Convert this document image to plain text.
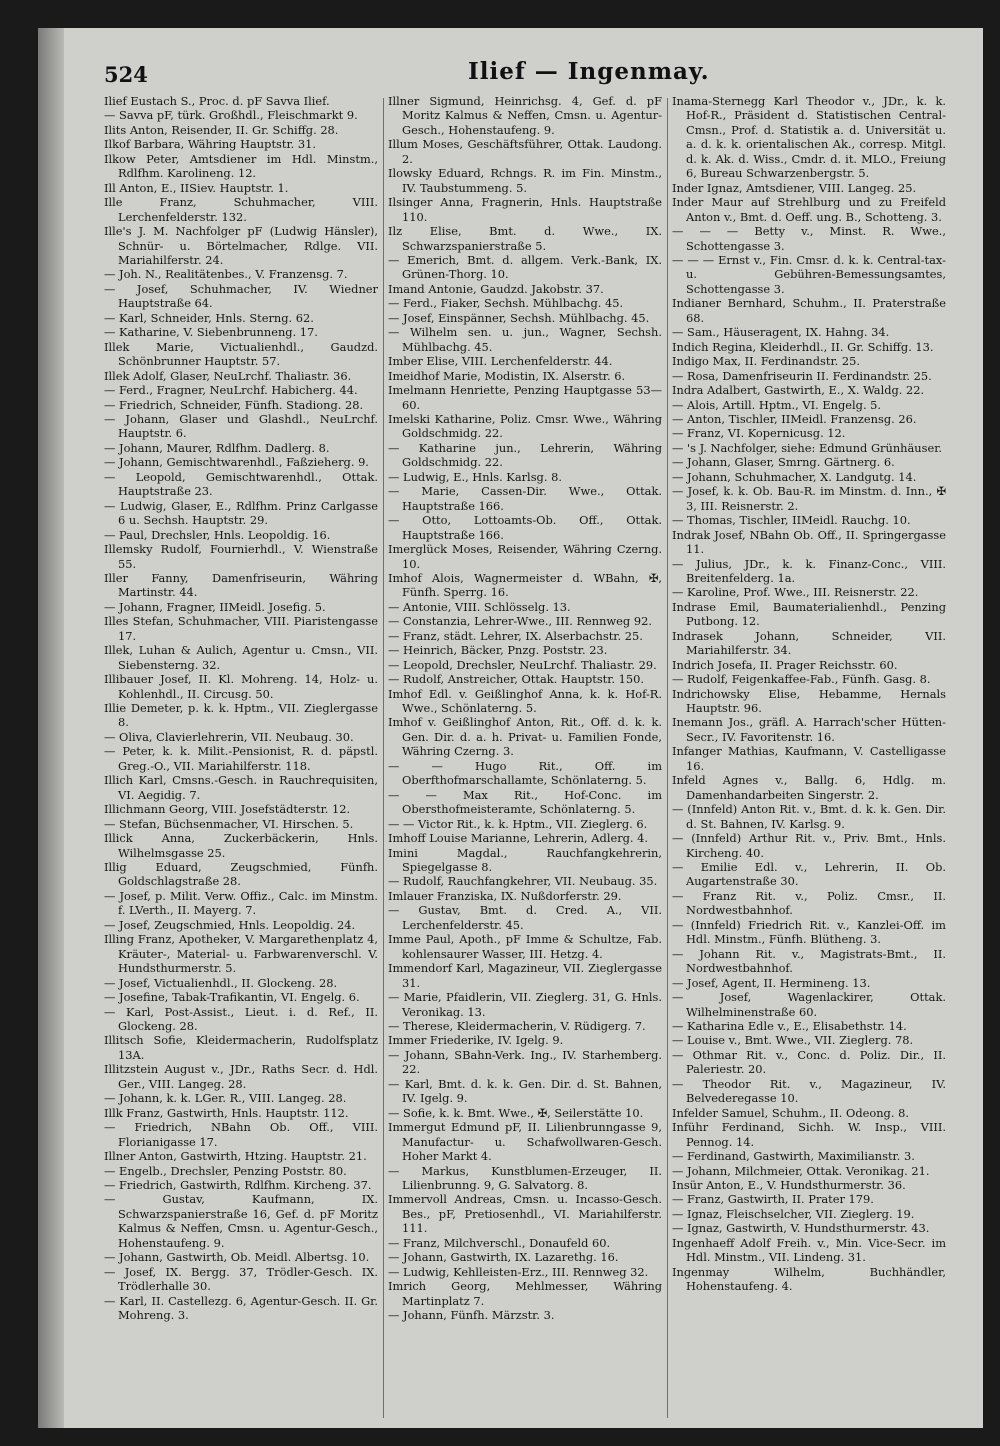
524	Ilief — Ingenmay.

Ilief Eustach S., Proc. d. pF Savva Ilief.

— Savva pF, türk. Großhdl., Fleischmarkt 9.

Ilits Anton, Reisender, II. Gr. Schiffg. 28.

Ilkof Barbara, Währing Hauptstr. 31.

Ilkow Peter, Amtsdiener im Hdl. Minstm., Rdlfhm. Karolineng. 12.

Ill Anton, E., IISiev. Hauptstr. 1.

Ille Franz, Schuhmacher, VIII. Lerchenfelderstr. 132.

Ille's J. M. Nachfolger pF (Ludwig Hänsler), Schnür- u. Börtelmacher, Rdlge. VII. Mariahilferstr. 24.

— Joh. N., Realitätenbes., V. Franzensg. 7.

— Josef, Schuhmacher, IV. Wiedner Hauptstraße 64.

— Karl, Schneider, Hnls. Sterng. 62.

— Katharine, V. Siebenbrunneng. 17.

Illek Marie, Victualienhdl., Gaudzd. Schönbrunner Hauptstr. 57.

Illek Adolf, Glaser, NeuLrchf. Thaliastr. 36.

— Ferd., Fragner, NeuLrchf. Habicherg. 44.

— Friedrich, Schneider, Fünfh. Stadiong. 28.

— Johann, Glaser und Glashdl., NeuLrchf. Hauptstr. 6.

— Johann, Maurer, Rdlfhm. Dadlerg. 8.

— Johann, Gemischtwarenhdl., Faßzieherg. 9.

— Leopold, Gemischtwarenhdl., Ottak. Hauptstraße 23.

— Ludwig, Glaser, E., Rdlfhm. Prinz Carlgasse 6 u. Sechsh. Hauptstr. 29.

— Paul, Drechsler, Hnls. Leopoldig. 16.

Illemsky Rudolf, Fournierhdl., V. Wienstraße 55.

Iller Fanny, Damenfriseurin, Währing Martinstr. 44.

— Johann, Fragner, IIMeidl. Josefig. 5.

Illes Stefan, Schuhmacher, VIII. Piaristengasse 17.

Illek, Luhan & Aulich, Agentur u. Cmsn., VII. Siebensterng. 32.

Illibauer Josef, II. Kl. Mohreng. 14, Holz- u. Kohlenhdl., II. Circusg. 50.

Illie Demeter, p. k. k. Hptm., VII. Zieglergasse 8.

— Oliva, Clavierlehrerin, VII. Neubaug. 30.

— Peter, k. k. Milit.-Pensionist, R. d. päpstl. Greg.-O., VII. Mariahilferstr. 118.

Illich Karl, Cmsns.-Gesch. in Rauchrequisiten, VI. Aegidig. 7.

Illichmann Georg, VIII. Josefstädterstr. 12.

— Stefan, Büchsenmacher, VI. Hirschen. 5.

Illick Anna, Zuckerbäckerin, Hnls. Wilhelmsgasse 25.

Illig Eduard, Zeugschmied, Fünfh. Goldschlagstraße 28.

— Josef, p. Milit. Verw. Offiz., Calc. im Minstm. f. LVerth., II. Mayerg. 7.

— Josef, Zeugschmied, Hnls. Leopoldig. 24.

Illing Franz, Apotheker, V. Margarethenplatz 4, Kräuter-, Material- u. Farbwarenverschl. V. Hundsthurmerstr. 5.

— Josef, Victualienhdl., II. Glockeng. 28.

— Josefine, Tabak-Trafikantin, VI. Engelg. 6.

— Karl, Post-Assist., Lieut. i. d. Ref., II. Glockeng. 28.

Illitsch Sofie, Kleidermacherin, Rudolfsplatz 13A.

Illitzstein August v., JDr., Raths Secr. d. Hdl. Ger., VIII. Langeg. 28.

— Johann, k. k. LGer. R., VIII. Langeg. 28.

Illk Franz, Gastwirth, Hnls. Hauptstr. 112.

— Friedrich, NBahn Ob. Off., VIII. Florianigasse 17.

Illner Anton, Gastwirth, Htzing. Hauptstr. 21.

— Engelb., Drechsler, Penzing Poststr. 80.

— Friedrich, Gastwirth, Rdlfhm. Kircheng. 37.

— Gustav, Kaufmann, IX. Schwarzspanierstraße 16, Gef. d. pF Moritz Kalmus & Neffen, Cmsn. u. Agentur-Gesch., Hohenstaufeng. 9.

— Johann, Gastwirth, Ob. Meidl. Albertsg. 10.

— Josef, IX. Bergg. 37, Trödler-Gesch. IX. Trödlerhalle 30.

— Karl, II. Castellezg. 6, Agentur-Gesch. II. Gr. Mohreng. 3.

Illner Sigmund, Heinrichsg. 4, Gef. d. pF Moritz Kalmus & Neffen, Cmsn. u. Agentur-Gesch., Hohenstaufeng. 9.

Illum Moses, Geschäftsführer, Ottak. Laudong. 2.

Ilowsky Eduard, Rchngs. R. im Fin. Minstm., IV. Taubstummeng. 5.

Ilsinger Anna, Fragnerin, Hnls. Hauptstraße 110.

Ilz Elise, Bmt. d. Wwe., IX. Schwarzspanierstraße 5.

— Emerich, Bmt. d. allgem. Verk.-Bank, IX. Grünen-Thorg. 10.

Imand Antonie, Gaudzd. Jakobstr. 37.

— Ferd., Fiaker, Sechsh. Mühlbachg. 45.

— Josef, Einspänner, Sechsh. Mühlbachg. 45.

— Wilhelm sen. u. jun., Wagner, Sechsh. Mühlbachg. 45.

Imber Elise, VIII. Lerchenfelderstr. 44.

Imeidhof Marie, Modistin, IX. Alserstr. 6.

Imelmann Henriette, Penzing Hauptgasse 53—60.

Imelski Katharine, Poliz. Cmsr. Wwe., Währing Goldschmidg. 22.

— Katharine jun., Lehrerin, Währing Goldschmidg. 22.

— Ludwig, E., Hnls. Karlsg. 8.

— Marie, Cassen-Dir. Wwe., Ottak. Hauptstraße 166.

— Otto, Lottoamts-Ob. Off., Ottak. Hauptstraße 166.

Imerglück Moses, Reisender, Währing Czerng. 10.

Imhof Alois, Wagnermeister d. WBahn, ✠, Fünfh. Sperrg. 16.

— Antonie, VIII. Schlösselg. 13.

— Constanzia, Lehrer-Wwe., III. Rennweg 92.

— Franz, städt. Lehrer, IX. Alserbachstr. 25.

— Heinrich, Bäcker, Pnzg. Poststr. 23.

— Leopold, Drechsler, NeuLrchf. Thaliastr. 29.

— Rudolf, Anstreicher, Ottak. Hauptstr. 150.

Imhof Edl. v. Geißlinghof Anna, k. k. Hof-R. Wwe., Schönlaterng. 5.

Imhof v. Geißlinghof Anton, Rit., Off. d. k. k. Gen. Dir. d. a. h. Privat- u. Familien Fonde, Währing Czerng. 3.

— — Hugo Rit., Off. im Oberfthofmarschallamte, Schönlaterng. 5.

— — Max Rit., Hof-Conc. im Obersthofmeisteramte, Schönlaterng. 5.

— — Victor Rit., k. k. Hptm., VII. Zieglerg. 6.

Imhoff Louise Marianne, Lehrerin, Adlerg. 4.

Imini Magdal., Rauchfangkehrerin, Spiegelgasse 8.

— Rudolf, Rauchfangkehrer, VII. Neubaug. 35.

Imlauer Franziska, IX. Nußdorferstr. 29.

— Gustav, Bmt. d. Cred. A., VII. Lerchenfelderstr. 45.

Imme Paul, Apoth., pF Imme & Schultze, Fab. kohlensaurer Wasser, III. Hetzg. 4.

Immendorf Karl, Magazineur, VII. Zieglergasse 31.

— Marie, Pfaidlerin, VII. Zieglerg. 31, G. Hnls. Veronikag. 13.

— Therese, Kleidermacherin, V. Rüdigerg. 7.

Immer Friederike, IV. Igelg. 9.

— Johann, SBahn-Verk. Ing., IV. Starhemberg. 22.

— Karl, Bmt. d. k. k. Gen. Dir. d. St. Bahnen, IV. Igelg. 9.

— Sofie, k. k. Bmt. Wwe., ✠, Seilerstätte 10.

Immergut Edmund pF, II. Lilienbrunngasse 9, Manufactur- u. Schafwollwaren-Gesch. Hoher Markt 4.

— Markus, Kunstblumen-Erzeuger, II. Lilienbrunng. 9, G. Salvatorg. 8.

Immervoll Andreas, Cmsn. u. Incasso-Gesch. Bes., pF, Pretiosenhdl., VI. Mariahilferstr. 111.

— Franz, Milchverschl., Donaufeld 60.

— Johann, Gastwirth, IX. Lazarethg. 16.

— Ludwig, Kehlleisten-Erz., III. Rennweg 32.

Imrich Georg, Mehlmesser, Währing Martinplatz 7.

— Johann, Fünfh. Märzstr. 3.

Inama-Sternegg Karl Theodor v., JDr., k. k. Hof-R., Präsident d. Statistischen Central-Cmsn., Prof. d. Statistik a. d. Universität u. a. d. k. k. orientalischen Ak., corresp. Mitgl. d. k. Ak. d. Wiss., Cmdr. d. it. MLO., Freiung 6, Bureau Schwarzenbergstr. 5.

Inder Ignaz, Amtsdiener, VIII. Langeg. 25.

Inder Maur auf Strehlburg und zu Freifeld Anton v., Bmt. d. Oeff. ung. B., Schotteng. 3.

— — — Betty v., Minst. R. Wwe., Schottengasse 3.

— — — Ernst v., Fin. Cmsr. d. k. k. Central-tax- u. Gebühren-Bemessungsamtes, Schottengasse 3.

Indianer Bernhard, Schuhm., II. Praterstraße 68.

— Sam., Häuseragent, IX. Hahng. 34.

Indich Regina, Kleiderhdl., II. Gr. Schiffg. 13.

Indigo Max, II. Ferdinandstr. 25.

— Rosa, Damenfriseurin II. Ferdinandstr. 25.

Indra Adalbert, Gastwirth, E., X. Waldg. 22.

— Alois, Artill. Hptm., VI. Engelg. 5.

— Anton, Tischler, IIMeidl. Franzensg. 26.

— Franz, VI. Kopernicusg. 12.

— 's J. Nachfolger, siehe: Edmund Grünhäuser.

— Johann, Glaser, Smrng. Gärtnerg. 6.

— Johann, Schuhmacher, X. Landgutg. 14.

— Josef, k. k. Ob. Bau-R. im Minstm. d. Inn., ✠ 3, III. Reisnerstr. 2.

— Thomas, Tischler, IIMeidl. Rauchg. 10.

Indrak Josef, NBahn Ob. Off., II. Springergasse 11.

— Julius, JDr., k. k. Finanz-Conc., VIII. Breitenfelderg. 1a.

— Karoline, Prof. Wwe., III. Reisnerstr. 22.

Indrase Emil, Baumaterialienhdl., Penzing Putbong. 12.

Indrasek Johann, Schneider, VII. Mariahilferstr. 34.

Indrich Josefa, II. Prager Reichsstr. 60.

— Rudolf, Feigenkaffee-Fab., Fünfh. Gasg. 8.

Indrichowsky Elise, Hebamme, Hernals Hauptstr. 96.

Inemann Jos., gräfl. A. Harrach'scher Hütten-Secr., IV. Favoritenstr. 16.

Infanger Mathias, Kaufmann, V. Castelligasse 16.

Infeld Agnes v., Ballg. 6, Hdlg. m. Damenhandarbeiten Singerstr. 2.

— (Innfeld) Anton Rit. v., Bmt. d. k. k. Gen. Dir. d. St. Bahnen, IV. Karlsg. 9.

— (Innfeld) Arthur Rit. v., Priv. Bmt., Hnls. Kircheng. 40.

— Emilie Edl. v., Lehrerin, II. Ob. Augartenstraße 30.

— Franz Rit. v., Poliz. Cmsr., II. Nordwestbahnhof.

— (Innfeld) Friedrich Rit. v., Kanzlei-Off. im Hdl. Minstm., Fünfh. Blütheng. 3.

— Johann Rit. v., Magistrats-Bmt., II. Nordwestbahnhof.

— Josef, Agent, II. Hermineng. 13.

— Josef, Wagenlackirer, Ottak. Wilhelminenstraße 60.

— Katharina Edle v., E., Elisabethstr. 14.

— Louise v., Bmt. Wwe., VII. Zieglerg. 78.

— Othmar Rit. v., Conc. d. Poliz. Dir., II. Paleriestr. 20.

— Theodor Rit. v., Magazineur, IV. Belvederegasse 10.

Infelder Samuel, Schuhm., II. Odeong. 8.

Inführ Ferdinand, Sichh. W. Insp., VIII. Pennog. 14.

— Ferdinand, Gastwirth, Maximilianstr. 3.

— Johann, Milchmeier, Ottak. Veronikag. 21.

Insür Anton, E., V. Hundsthurmerstr. 36.

— Franz, Gastwirth, II. Prater 179.

— Ignaz, Fleischselcher, VII. Zieglerg. 19.

— Ignaz, Gastwirth, V. Hundsthurmerstr. 43.

Ingenhaeff Adolf Freih. v., Min. Vice-Secr. im Hdl. Minstm., VII. Lindeng. 31.

Ingenmay Wilhelm, Buchhändler, Hohenstaufeng. 4.
